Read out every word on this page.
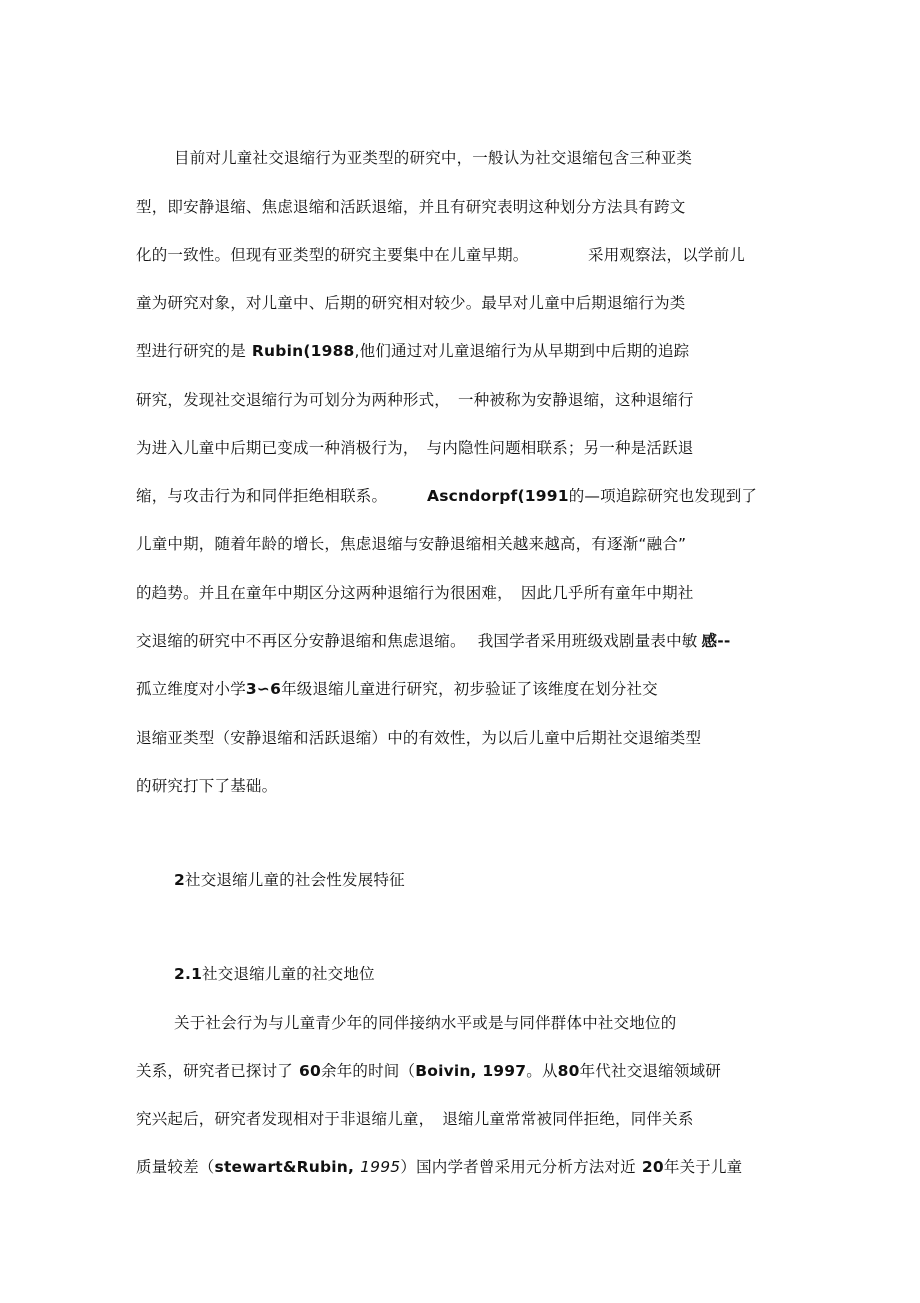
目前对儿童社交退缩行为亚类型的研究中，一般认为社交退缩包含三种亚类
型，即安静退缩、焦虑退缩和活跃退缩，并且有研究表明这种划分方法具有跨文
化的一致性。但现有亚类型的研究主要集中在儿童早期。	采用观察法，以学前儿
童为研究对象，对儿童中、后期的研究相对较少。最早对儿童中后期退缩行为类
型进行研究的是 Rubin(1988,他们通过对儿童退缩行为从早期到中后期的追踪
研究，发现社交退缩行为可划分为两种形式， 一种被称为安静退缩，这种退缩行
为进入儿童中后期已变成一种消极行为， 与内隐性问题相联系；另一种是活跃退
缩，与攻击行为和同伴拒绝相联系。	Ascndorpf(1991的—项追踪研究也发现到了
儿童中期，随着年龄的增长，焦虑退缩与安静退缩相关越来越高，有逐渐“融合”
的趋势。并且在童年中期区分这两种退缩行为很困难， 因此几乎所有童年中期社
交退缩的研究中不再区分安静退缩和焦虑退缩。 我国学者采用班级戏剧量表中敏 感--
孤立维度对小学3∽6年级退缩儿童进行研究，初步验证了该维度在划分社交
退缩亚类型（安静退缩和活跃退缩）中的有效性，为以后儿童中后期社交退缩类型
的研究打下了基础。
2社交退缩儿童的社会性发展特征
2.1社交退缩儿童的社交地位
关于社会行为与儿童青少年的同伴接纳水平或是与同伴群体中社交地位的
关系，研究者已探讨了 60余年的时间（Boivin, 1997。从80年代社交退缩领域研
究兴起后，研究者发现相对于非退缩儿童， 退缩儿童常常被同伴拒绝，同伴关系
质量较差（stewart&Rubin, 1995）国内学者曾采用元分析方法对近 20年关于儿童
